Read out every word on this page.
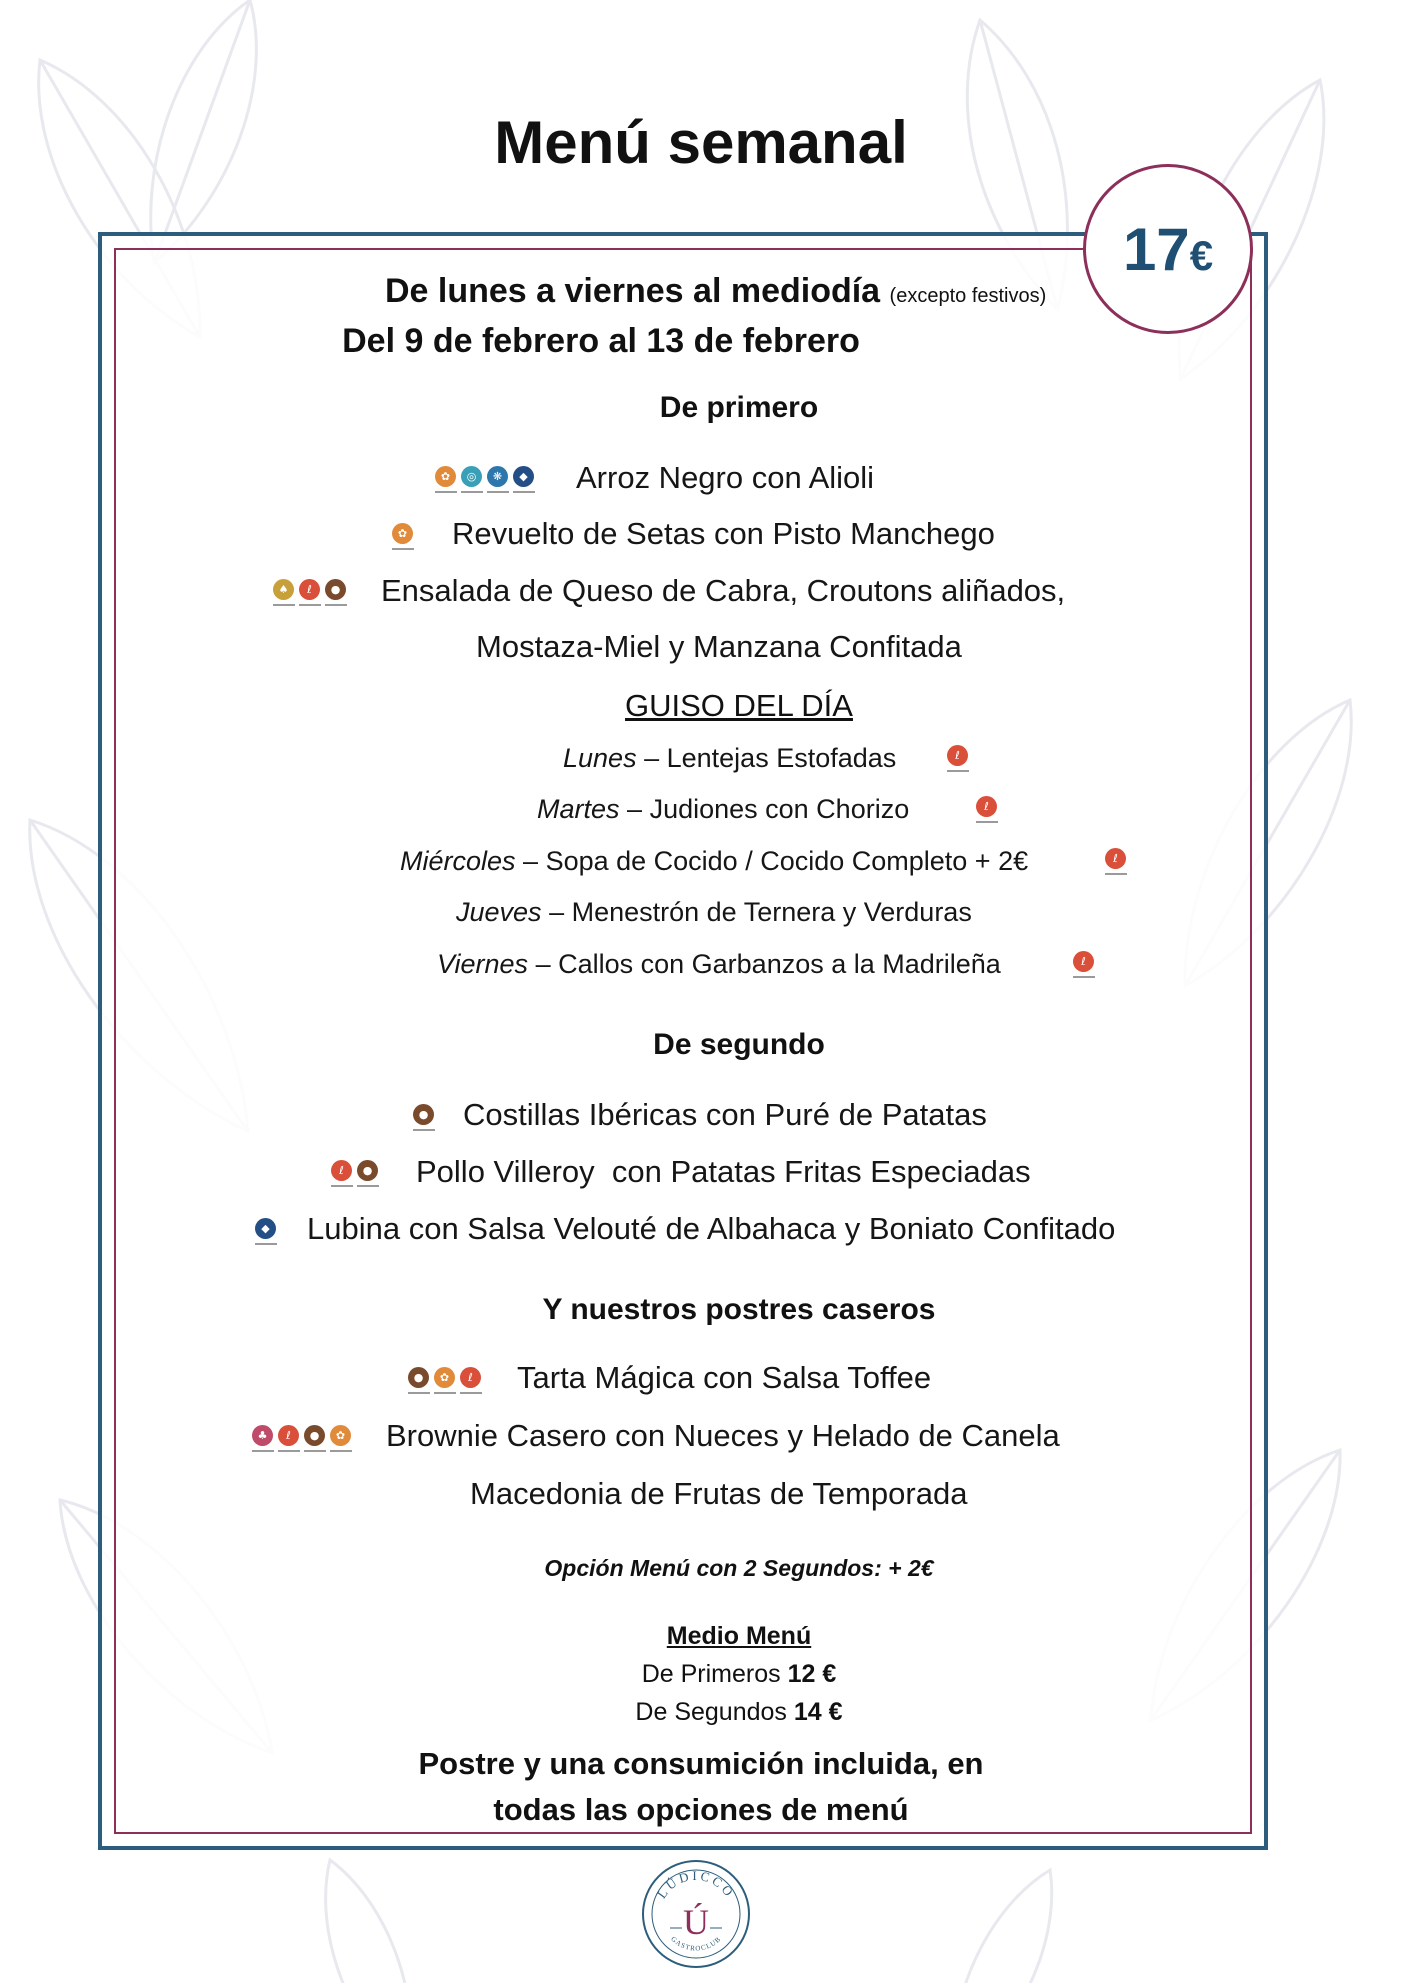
Menú semanal
17 €
De lunes a viernes al mediodía (excepto festivos)
Del 9 de febrero al 13 de febrero
De primero
✿	◎	❋	◆ Arroz Negro con Alioli
✿ Revuelto de Setas con Pisto Manchego
♠	ℓ	● Ensalada de Queso de Cabra, Croutons aliñados,
Mostaza-Miel y Manzana Confitada
GUISO DEL DÍA
Lunes – Lentejas Estofadas	ℓ
Martes – Judiones con Chorizo	ℓ
Miércoles – Sopa de Cocido / Cocido Completo + 2€	ℓ
Jueves – Menestrón de Ternera y Verduras
Viernes – Callos con Garbanzos a la Madrileña	ℓ
De segundo
● Costillas Ibéricas con Puré de Patatas
ℓ	● Pollo Villeroy  con Patatas Fritas Especiadas
◆ Lubina con Salsa Velouté de Albahaca y Boniato Confitado
Y nuestros postres caseros
●	✿	ℓ Tarta Mágica con Salsa Toffee
♣	ℓ	●	✿ Brownie Casero con Nueces y Helado de Canela
Macedonia de Frutas de Temporada
Opción Menú con 2 Segundos: + 2€
Medio Menú
De Primeros 12 €
De Segundos 14 €
Postre y una consumición incluida, en
todas las opciones de menú
LÚDICCO
GASTROCLUB
Ú
